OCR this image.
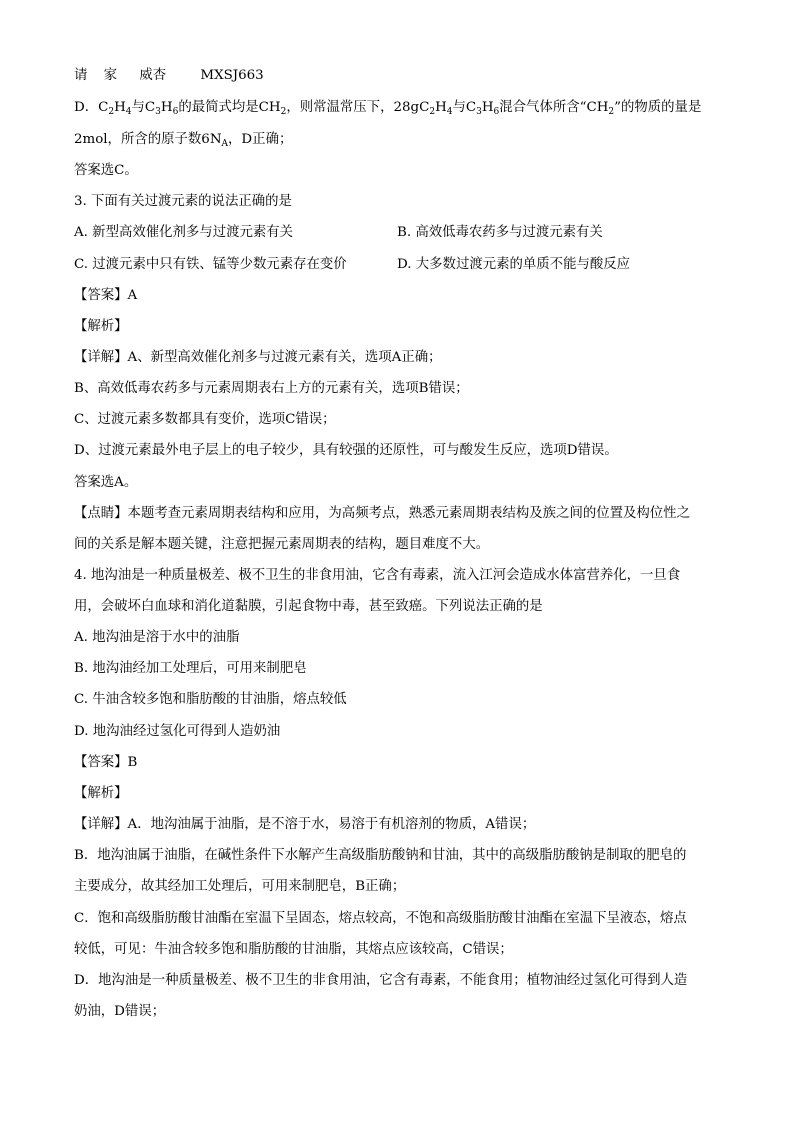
请 家 威杏	MXSJ663
D．$C_2H_4$与$C_3H_6$的最简式均是$CH_2$，则常温常压下，$28gC_2H_4$与$C_3H_6$混合气体所含“$CH_2$”的物质的量是
2mol，所含的原子数$6N_A$，D正确；
答案选C。
3. 下面有关过渡元素的说法正确的是
A. 新型高效催化剂多与过渡元素有关	B. 高效低毒农药多与过渡元素有关
C. 过渡元素中只有铁、锰等少数元素存在变价	D. 大多数过渡元素的单质不能与酸反应
【答案】A
【解析】
【详解】A、新型高效催化剂多与过渡元素有关，选项A正确；
B、高效低毒农药多与元素周期表右上方的元素有关，选项B错误；
C、过渡元素多数都具有变价，选项C错误；
D、过渡元素最外电子层上的电子较少，具有较强的还原性，可与酸发生反应，选项D错误。
答案选A。
【点睛】本题考查元素周期表结构和应用，为高频考点，熟悉元素周期表结构及族之间的位置及构位性之
间的关系是解本题关键，注意把握元素周期表的结构，题目难度不大。
4. 地沟油是一种质量极差、极不卫生的非食用油，它含有毒素，流入江河会造成水体富营养化，一旦食
用，会破坏白血球和消化道黏膜，引起食物中毒，甚至致癌。下列说法正确的是
A. 地沟油是溶于水中的油脂
B. 地沟油经加工处理后，可用来制肥皂
C. 牛油含较多饱和脂肪酸的甘油脂，熔点较低
D. 地沟油经过氢化可得到人造奶油
【答案】B
【解析】
【详解】A．地沟油属于油脂，是不溶于水，易溶于有机溶剂的物质，A错误；
B．地沟油属于油脂，在碱性条件下水解产生高级脂肪酸钠和甘油，其中的高级脂肪酸钠是制取的肥皂的
主要成分，故其经加工处理后，可用来制肥皂，B正确；
C．饱和高级脂肪酸甘油酯在室温下呈固态，熔点较高，不饱和高级脂肪酸甘油酯在室温下呈液态，熔点
较低，可见：牛油含较多饱和脂肪酸的甘油脂，其熔点应该较高，C错误；
D．地沟油是一种质量极差、极不卫生的非食用油，它含有毒素，不能食用；植物油经过氢化可得到人造
奶油，D错误；
